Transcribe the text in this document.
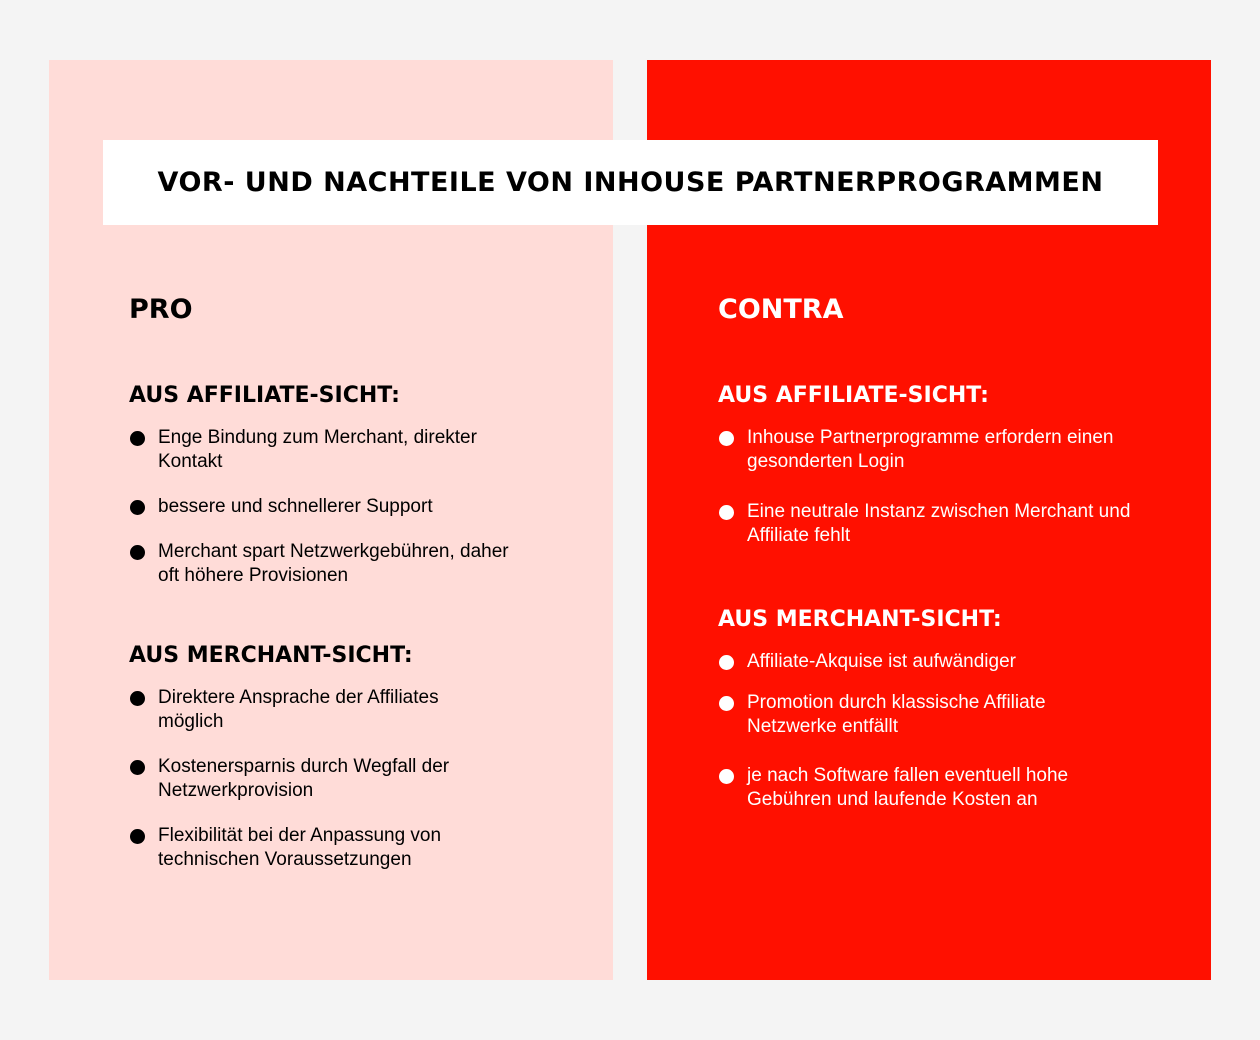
VOR- UND NACHTEILE VON INHOUSE PARTNERPROGRAMMEN
PRO
AUS AFFILIATE-SICHT:
Enge Bindung zum Merchant, direkter Kontakt
bessere und schnellerer Support
Merchant spart Netzwerkgebühren, daher oft höhere Provisionen
AUS MERCHANT-SICHT:
Direktere Ansprache der Affiliates möglich
Kostenersparnis durch Wegfall der Netzwerkprovision
Flexibilität bei der Anpassung von technischen Voraussetzungen
CONTRA
AUS AFFILIATE-SICHT:
Inhouse Partnerprogramme erfordern einen gesonderten Login
Eine neutrale Instanz zwischen Merchant und Affiliate fehlt
AUS MERCHANT-SICHT:
Affiliate-Akquise ist aufwändiger
Promotion durch klassische Affiliate Netzwerke entfällt
je nach Software fallen eventuell hohe Gebühren und laufende Kosten an
